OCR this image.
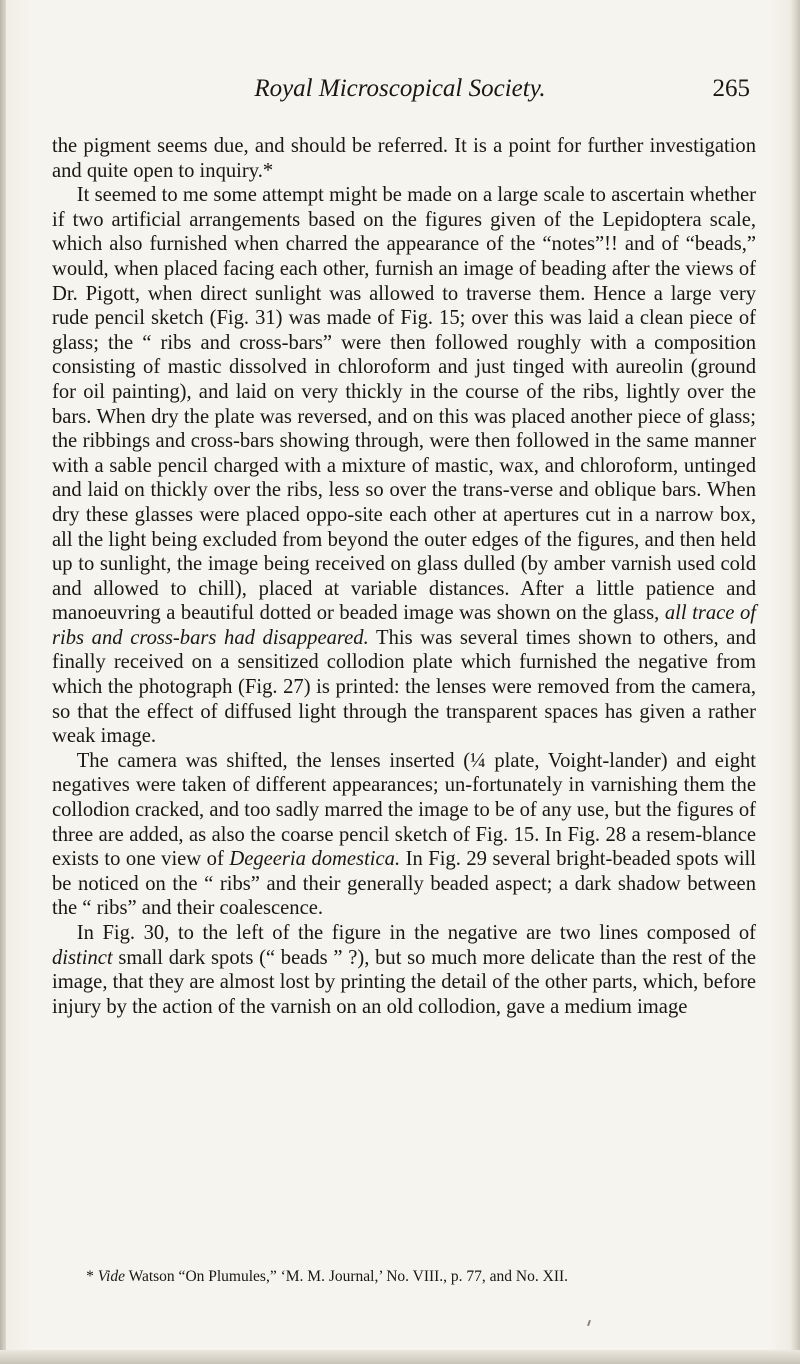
Royal Microscopical Society.	265

the pigment seems due, and should be referred. It is a point for further investigation and quite open to inquiry.*

It seemed to me some attempt might be made on a large scale to ascertain whether if two artificial arrangements based on the figures given of the Lepidoptera scale, which also furnished when charred the appearance of the “notes”!! and of “beads,” would, when placed facing each other, furnish an image of beading after the views of Dr. Pigott, when direct sunlight was allowed to traverse them. Hence a large very rude pencil sketch (Fig. 31) was made of Fig. 15; over this was laid a clean piece of glass; the “ ribs and cross-bars” were then followed roughly with a composition consisting of mastic dissolved in chloroform and just tinged with aureolin (ground for oil painting), and laid on very thickly in the course of the ribs, lightly over the bars. When dry the plate was reversed, and on this was placed another piece of glass; the ribbings and cross-bars showing through, were then followed in the same manner with a sable pencil charged with a mixture of mastic, wax, and chloroform, untinged and laid on thickly over the ribs, less so over the trans-verse and oblique bars. When dry these glasses were placed oppo-site each other at apertures cut in a narrow box, all the light being excluded from beyond the outer edges of the figures, and then held up to sunlight, the image being received on glass dulled (by amber varnish used cold and allowed to chill), placed at variable distances. After a little patience and manoeuvring a beautiful dotted or beaded image was shown on the glass, all trace of ribs and cross-bars had disappeared. This was several times shown to others, and finally received on a sensitized collodion plate which furnished the negative from which the photograph (Fig. 27) is printed: the lenses were removed from the camera, so that the effect of diffused light through the transparent spaces has given a rather weak image.

The camera was shifted, the lenses inserted (¼ plate, Voight-lander) and eight negatives were taken of different appearances; un-fortunately in varnishing them the collodion cracked, and too sadly marred the image to be of any use, but the figures of three are added, as also the coarse pencil sketch of Fig. 15. In Fig. 28 a resem-blance exists to one view of Degeeria domestica. In Fig. 29 several bright-beaded spots will be noticed on the “ ribs” and their generally beaded aspect; a dark shadow between the “ ribs” and their coalescence.

In Fig. 30, to the left of the figure in the negative are two lines composed of distinct small dark spots (“ beads ” ?), but so much more delicate than the rest of the image, that they are almost lost by printing the detail of the other parts, which, before injury by the action of the varnish on an old collodion, gave a medium image

* Vide Watson “On Plumules,” ‘M. M. Journal,’ No. VIII., p. 77, and No. XII.
